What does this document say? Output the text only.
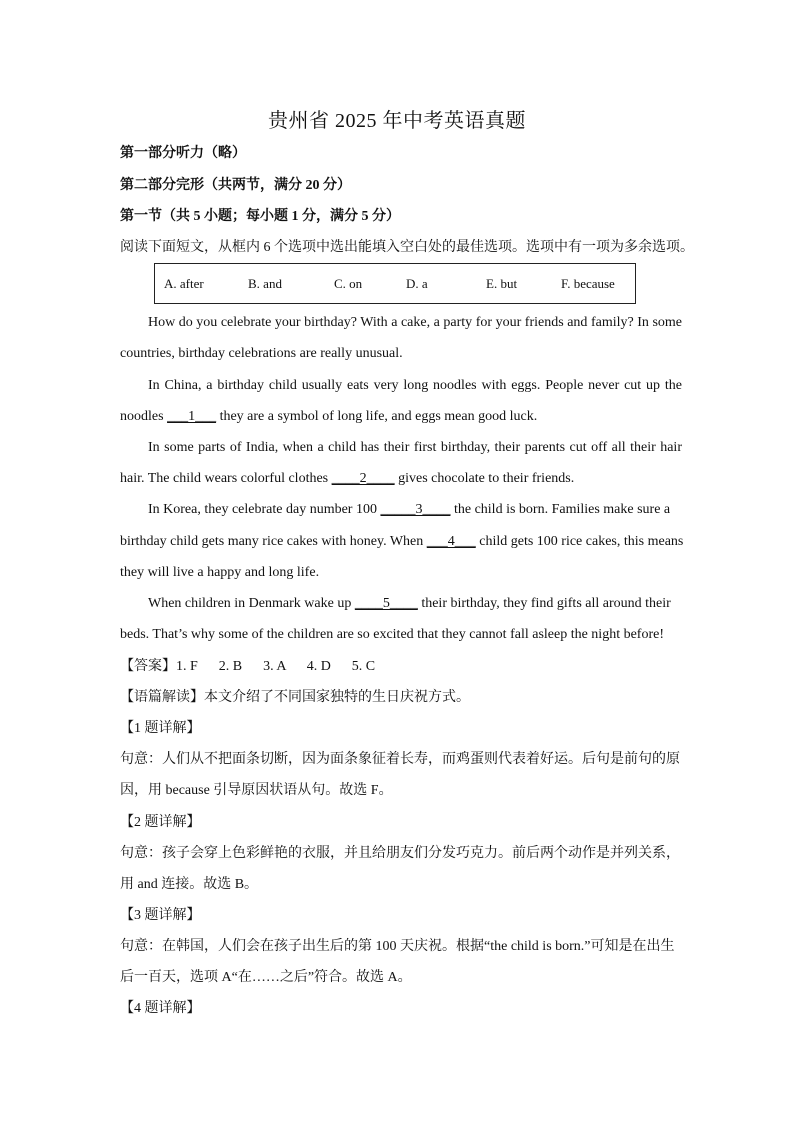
贵州省 2025 年中考英语真题
第一部分听力（略）
第二部分完形（共两节，满分 20 分）
第一节（共 5 小题；每小题 1 分，满分 5 分）
阅读下面短文，从框内 6 个选项中选出能填入空白处的最佳选项。选项中有一项为多余选项。
A. after	B. and	C. on	D. a	E. but	F. because
How do you celebrate your birthday? With a cake, a party for your friends and family? In some
countries, birthday celebrations are really unusual.
In China, a birthday child usually eats very long noodles with eggs. People never cut up the
noodles ___1___ they are a symbol of long life, and eggs mean good luck.
In some parts of India, when a child has their first birthday, their parents cut off all their hair
hair. The child wears colorful clothes ____2____ gives chocolate to their friends.
In Korea, they celebrate day number 100 _____3____ the child is born. Families make sure a
birthday child gets many rice cakes with honey. When ___4___ child gets 100 rice cakes, this means
they will live a happy and long life.
When children in Denmark wake up ____5____ their birthday, they find gifts all around their
beds. That’s why some of the children are so excited that they cannot fall asleep the night before!
【答案】1. F      2. B      3. A      4. D      5. C
【语篇解读】本文介绍了不同国家独特的生日庆祝方式。
【1 题详解】
句意：人们从不把面条切断，因为面条象征着长寿，而鸡蛋则代表着好运。后句是前句的原
因，用 because 引导原因状语从句。故选 F。
【2 题详解】
句意：孩子会穿上色彩鲜艳的衣服，并且给朋友们分发巧克力。前后两个动作是并列关系，
用 and 连接。故选 B。
【3 题详解】
句意：在韩国，人们会在孩子出生后的第 100 天庆祝。根据“the child is born.”可知是在出生
后一百天，选项 A“在……之后”符合。故选 A。
【4 题详解】
